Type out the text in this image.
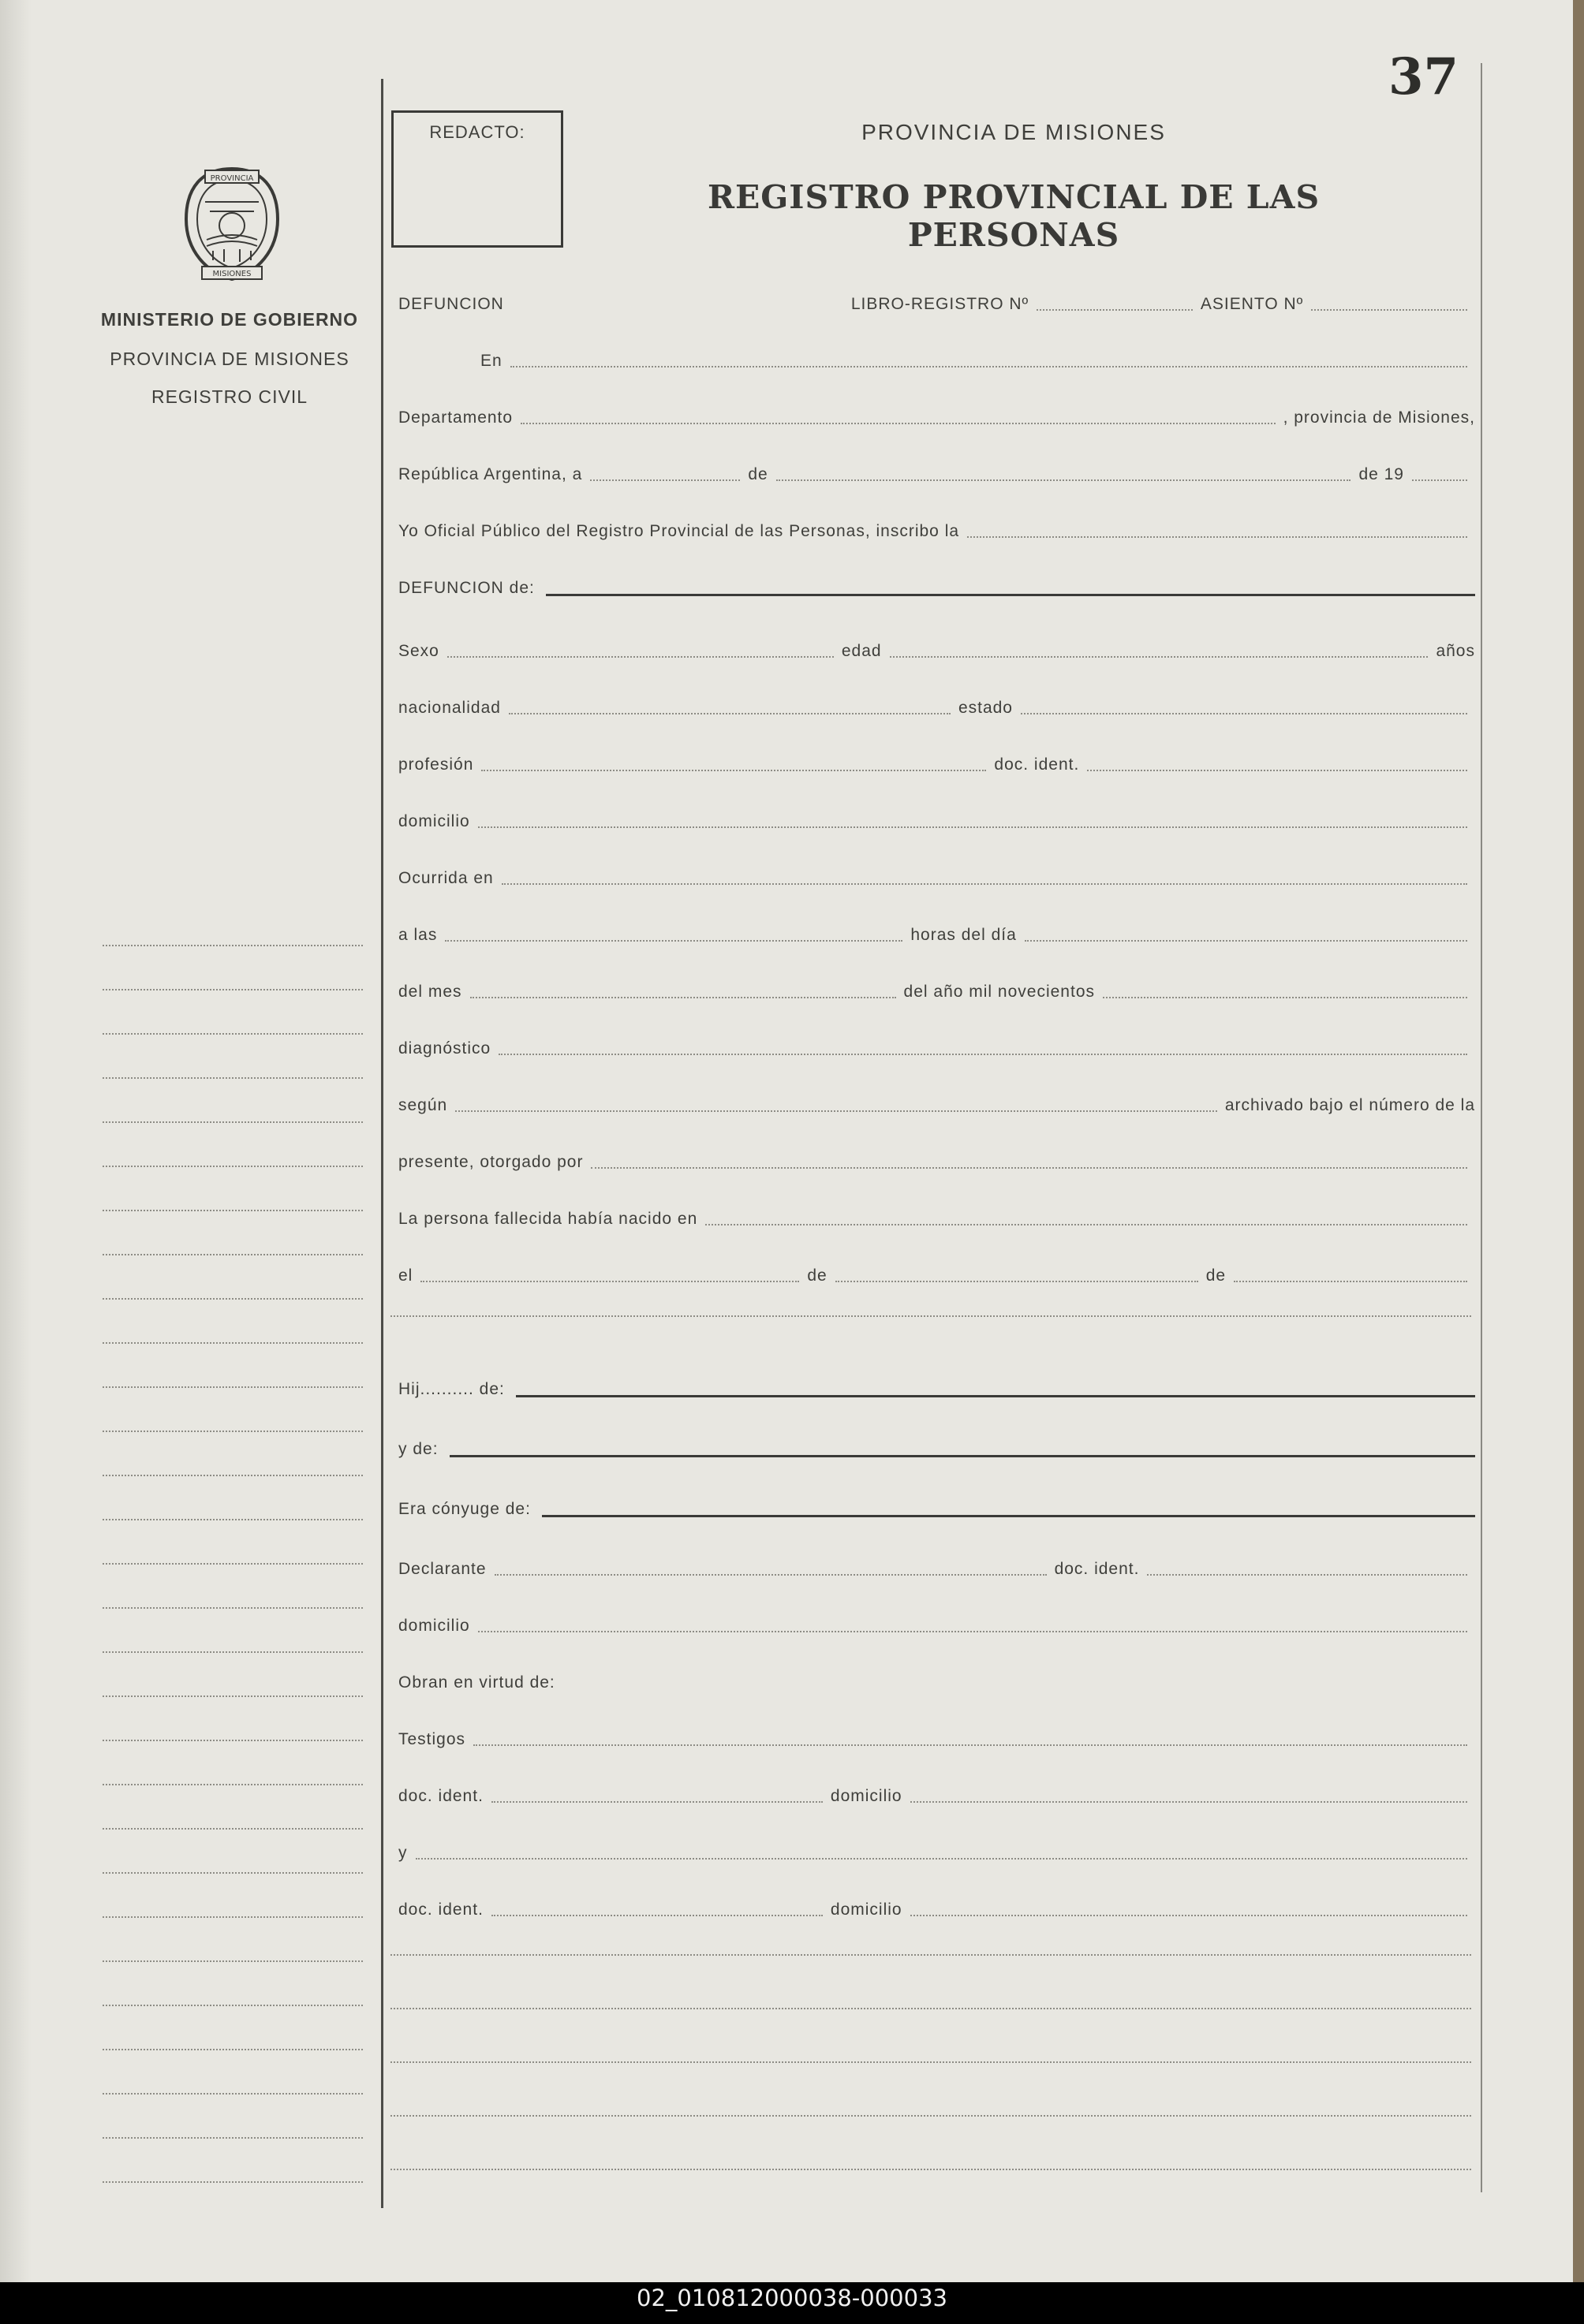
37
REDACTO:	PROVINCIA DE MISIONES
REGISTRO PROVINCIAL DE LAS PERSONAS
PROVINCIA
MISIONES
MINISTERIO DE GOBIERNO
PROVINCIA DE MISIONES
REGISTRO CIVIL
DEFUNCION	LIBRO-REGISTRO Nº	ASIENTO Nº
En
Departamento	, provincia de Misiones,
República Argentina, a	de	de 19
Yo Oficial Público del Registro Provincial de las Personas, inscribo la
DEFUNCION de:
Sexo	edad	años
nacionalidad	estado
profesión	doc. ident.
domicilio
Ocurrida en
a las	horas del día
del mes	del año mil novecientos
diagnóstico
según	archivado bajo el número de la
presente, otorgado por
La persona fallecida había nacido en
el	de	de
Hij.......... de:
y de:
Era cónyuge de:
Declarante	doc. ident.
domicilio
Obran en virtud de:
Testigos
doc. ident.	domicilio
y
doc. ident.	domicilio
02_010812000038-000033
